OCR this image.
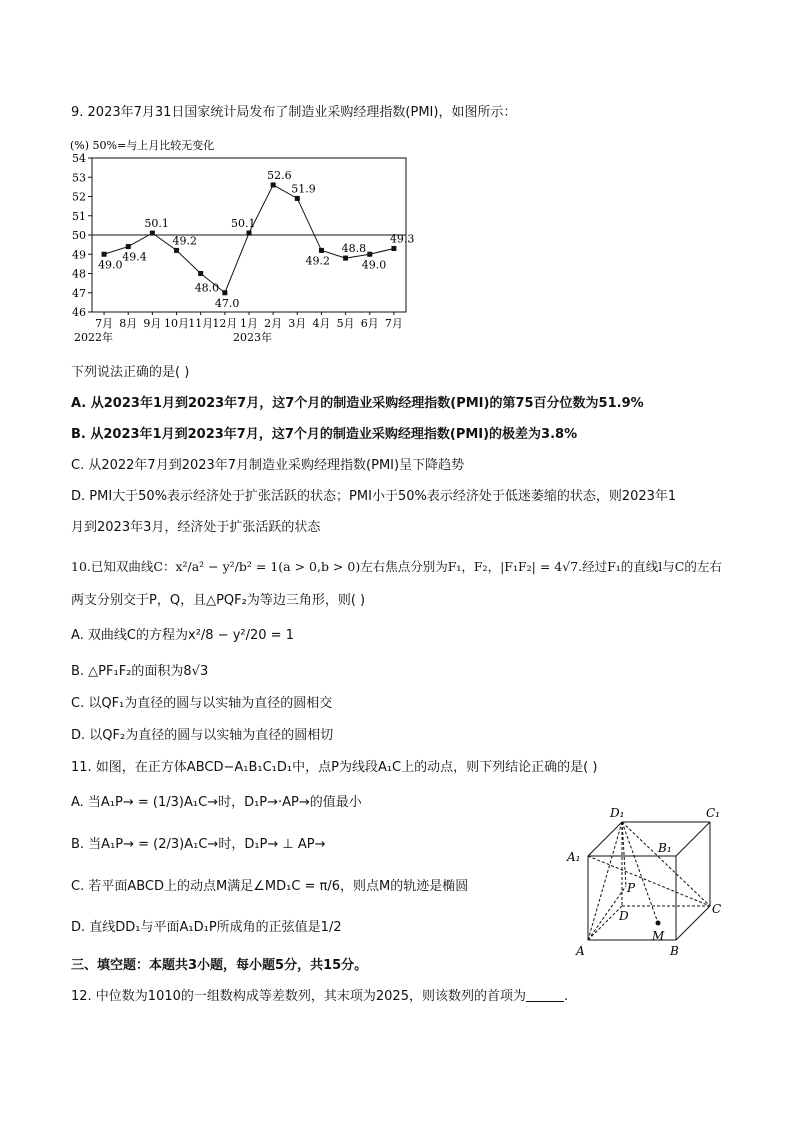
9. 2023年7月31日国家统计局发布了制造业采购经理指数(PMI)，如图所示：
(%) 50%=与上月比较无变化
46
47
48
49
50
51
52
53
54
49.0
49.4
50.1
49.2
48.0
47.0
50.1
52.6
51.9
49.2
48.8
49.0
49.3
7月 8月 9月 10月 11月 12月 1月 2月 3月 4月 5月 6月 7月
2022年	2023年
下列说法正确的是( )
A. 从2023年1月到2023年7月，这7个月的制造业采购经理指数(PMI)的第75百分位数为51.9%
B. 从2023年1月到2023年7月，这7个月的制造业采购经理指数(PMI)的极差为3.8%
C. 从2022年7月到2023年7月制造业采购经理指数(PMI)呈下降趋势
D. PMI大于50%表示经济处于扩张活跃的状态；PMI小于50%表示经济处于低迷萎缩的状态，则2023年1
月到2023年3月，经济处于扩张活跃的状态
10.已知双曲线C：x²/a² − y²/b² = 1(a > 0,b > 0)左右焦点分别为F₁，F₂，|F₁F₂| = 4√7.经过F₁的直线l与C的左右
两支分别交于P，Q，且△PQF₂为等边三角形，则( )
A. 双曲线C的方程为x²/8 − y²/20 = 1
B. △PF₁F₂的面积为8√3
C. 以QF₁为直径的圆与以实轴为直径的圆相交
D. 以QF₂为直径的圆与以实轴为直径的圆相切
11. 如图，在正方体ABCD−A₁B₁C₁D₁中，点P为线段A₁C上的动点，则下列结论正确的是( )
A. 当A₁P→ = (1/3)A₁C→时，D₁P→·AP→的值最小
B. 当A₁P→ = (2/3)A₁C→时，D₁P→ ⊥ AP→
C. 若平面ABCD上的动点M满足∠MD₁C = π/6，则点M的轨迹是椭圆
D. 直线DD₁与平面A₁D₁P所成角的正弦值是1/2
D₁	C₁
A₁
B₁
P
D	C
M
A	B
三、填空题：本题共3小题，每小题5分，共15分。
12. 中位数为1010的一组数构成等差数列，其末项为2025，则该数列的首项为	.
